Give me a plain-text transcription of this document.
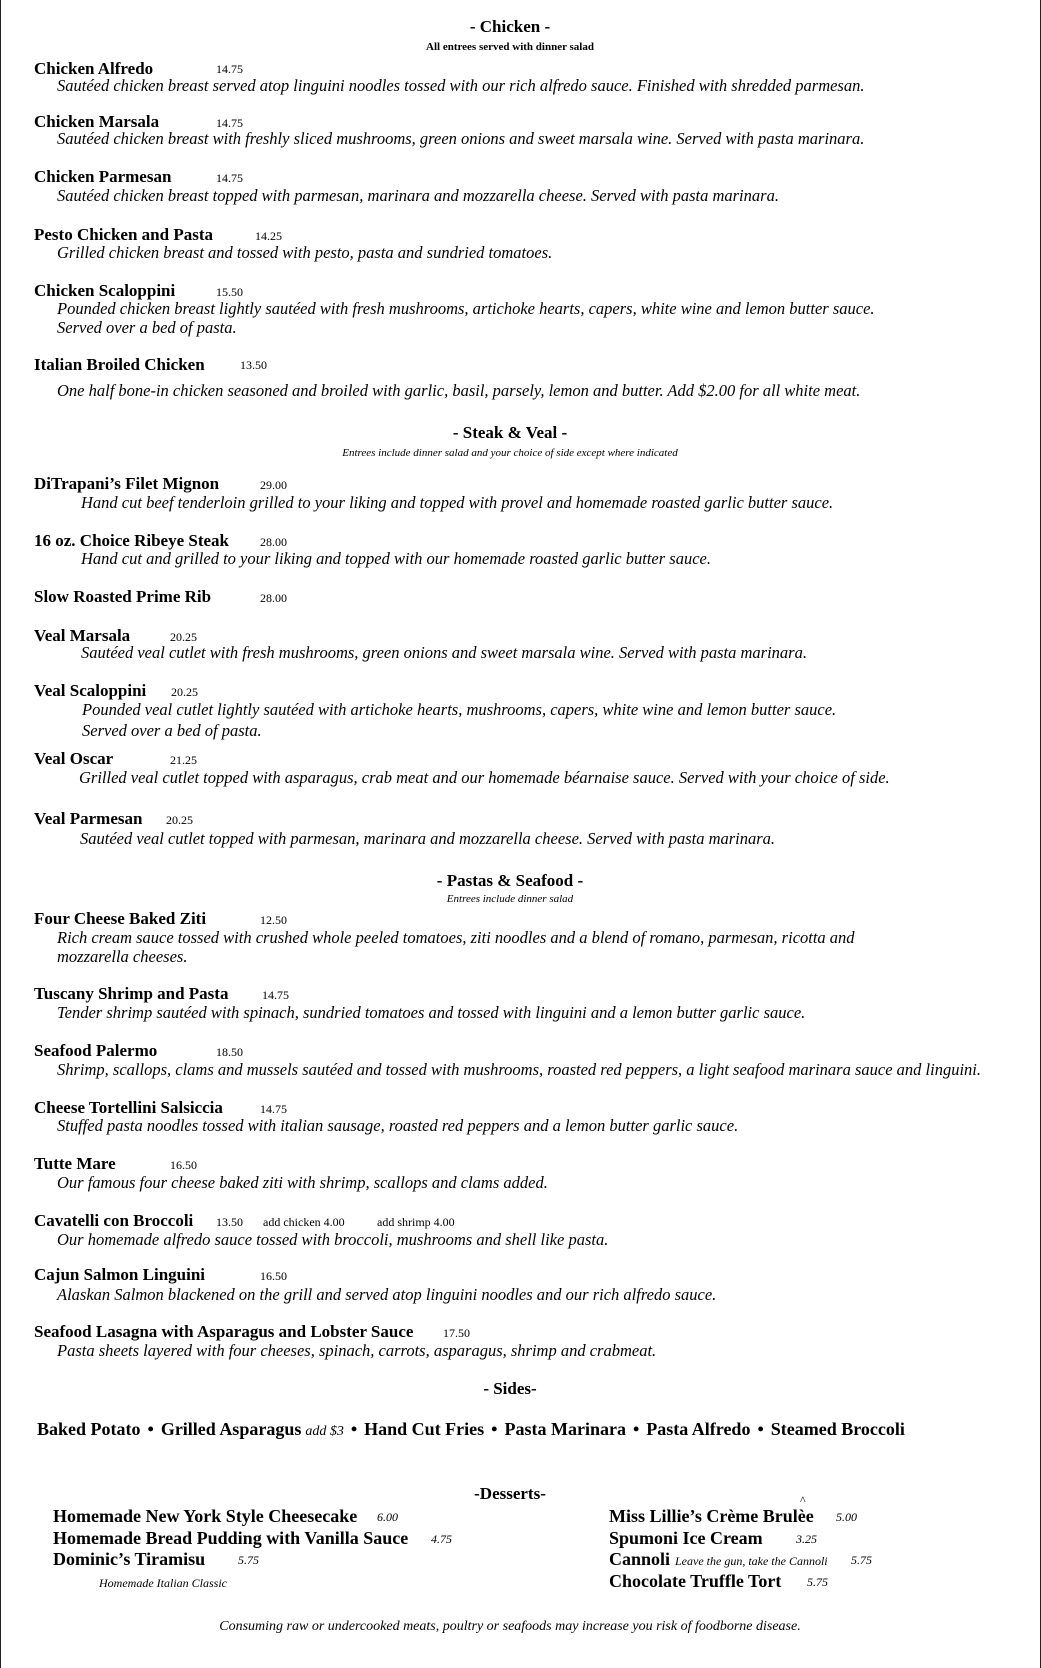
- Chicken -
All entrees served with dinner salad
Chicken Alfredo	14.75
Sautéed chicken breast served atop linguini noodles tossed with our rich alfredo sauce. Finished with shredded parmesan.
Chicken Marsala	14.75
Sautéed chicken breast with freshly sliced mushrooms, green onions and sweet marsala wine. Served with pasta marinara.
Chicken Parmesan	14.75
Sautéed chicken breast topped with parmesan, marinara and mozzarella cheese. Served with pasta marinara.
Pesto Chicken and Pasta	14.25
Grilled chicken breast and tossed with pesto, pasta and sundried tomatoes.
Chicken Scaloppini	15.50
Pounded chicken breast lightly sautéed with fresh mushrooms, artichoke hearts, capers, white wine and lemon butter sauce.
Served over a bed of pasta.
Italian Broiled Chicken	13.50
One half bone-in chicken seasoned and broiled with garlic, basil, parsely, lemon and butter. Add $2.00 for all white meat.
- Steak & Veal -
Entrees include dinner salad and your choice of side except where indicated
DiTrapani’s Filet Mignon	29.00
Hand cut beef tenderloin grilled to your liking and topped with provel and homemade roasted garlic butter sauce.
16 oz. Choice Ribeye Steak	28.00
Hand cut and grilled to your liking and topped with our homemade roasted garlic butter sauce.
Slow Roasted Prime Rib	28.00
Veal Marsala	20.25
Sautéed veal cutlet with fresh mushrooms, green onions and sweet marsala wine. Served with pasta marinara.
Veal Scaloppini 20.25
Pounded veal cutlet lightly sautéed with artichoke hearts, mushrooms, capers, white wine and lemon butter sauce.
Served over a bed of pasta.
Veal Oscar	21.25
Grilled veal cutlet topped with asparagus, crab meat and our homemade béarnaise sauce. Served with your choice of side.
Veal Parmesan 20.25
Sautéed veal cutlet topped with parmesan, marinara and mozzarella cheese. Served with pasta marinara.
- Pastas & Seafood -
Entrees include dinner salad
Four Cheese Baked Ziti	12.50
Rich cream sauce tossed with crushed whole peeled tomatoes, ziti noodles and a blend of romano, parmesan, ricotta and
mozzarella cheeses.
Tuscany Shrimp and Pasta	14.75
Tender shrimp sautéed with spinach, sundried tomatoes and tossed with linguini and a lemon butter garlic sauce.
Seafood Palermo	18.50
Shrimp, scallops, clams and mussels sautéed and tossed with mushrooms, roasted red peppers, a light seafood marinara sauce and linguini.
Cheese Tortellini Salsiccia	14.75
Stuffed pasta noodles tossed with italian sausage, roasted red peppers and a lemon butter garlic sauce.
Tutte Mare	16.50
Our famous four cheese baked ziti with shrimp, scallops and clams added.
Cavatelli con Broccoli 13.50 add chicken 4.00	add shrimp 4.00
Our homemade alfredo sauce tossed with broccoli, mushrooms and shell like pasta.
Cajun Salmon Linguini	16.50
Alaskan Salmon blackened on the grill and served atop linguini noodles and our rich alfredo sauce.
Seafood Lasagna with Asparagus and Lobster Sauce 17.50
Pasta sheets layered with four cheeses, spinach, carrots, asparagus, shrimp and crabmeat.
- Sides-
Baked Potato • Grilled Asparagus add $3 • Hand Cut Fries • Pasta Marinara • Pasta Alfredo • Steamed Broccoli
-Desserts-
Homemade New York Style Cheesecake 6.00
Homemade Bread Pudding with Vanilla Sauce 4.75
Dominic’s Tiramisu	5.75
Homemade Italian Classic
^
Miss Lillie’s Crème Brulèe 5.00
Spumoni Ice Cream	3.25
Cannoli Leave the gun, take the Cannoli 5.75
Chocolate Truffle Tort 5.75
Consuming raw or undercooked meats, poultry or seafoods may increase you risk of foodborne disease.
